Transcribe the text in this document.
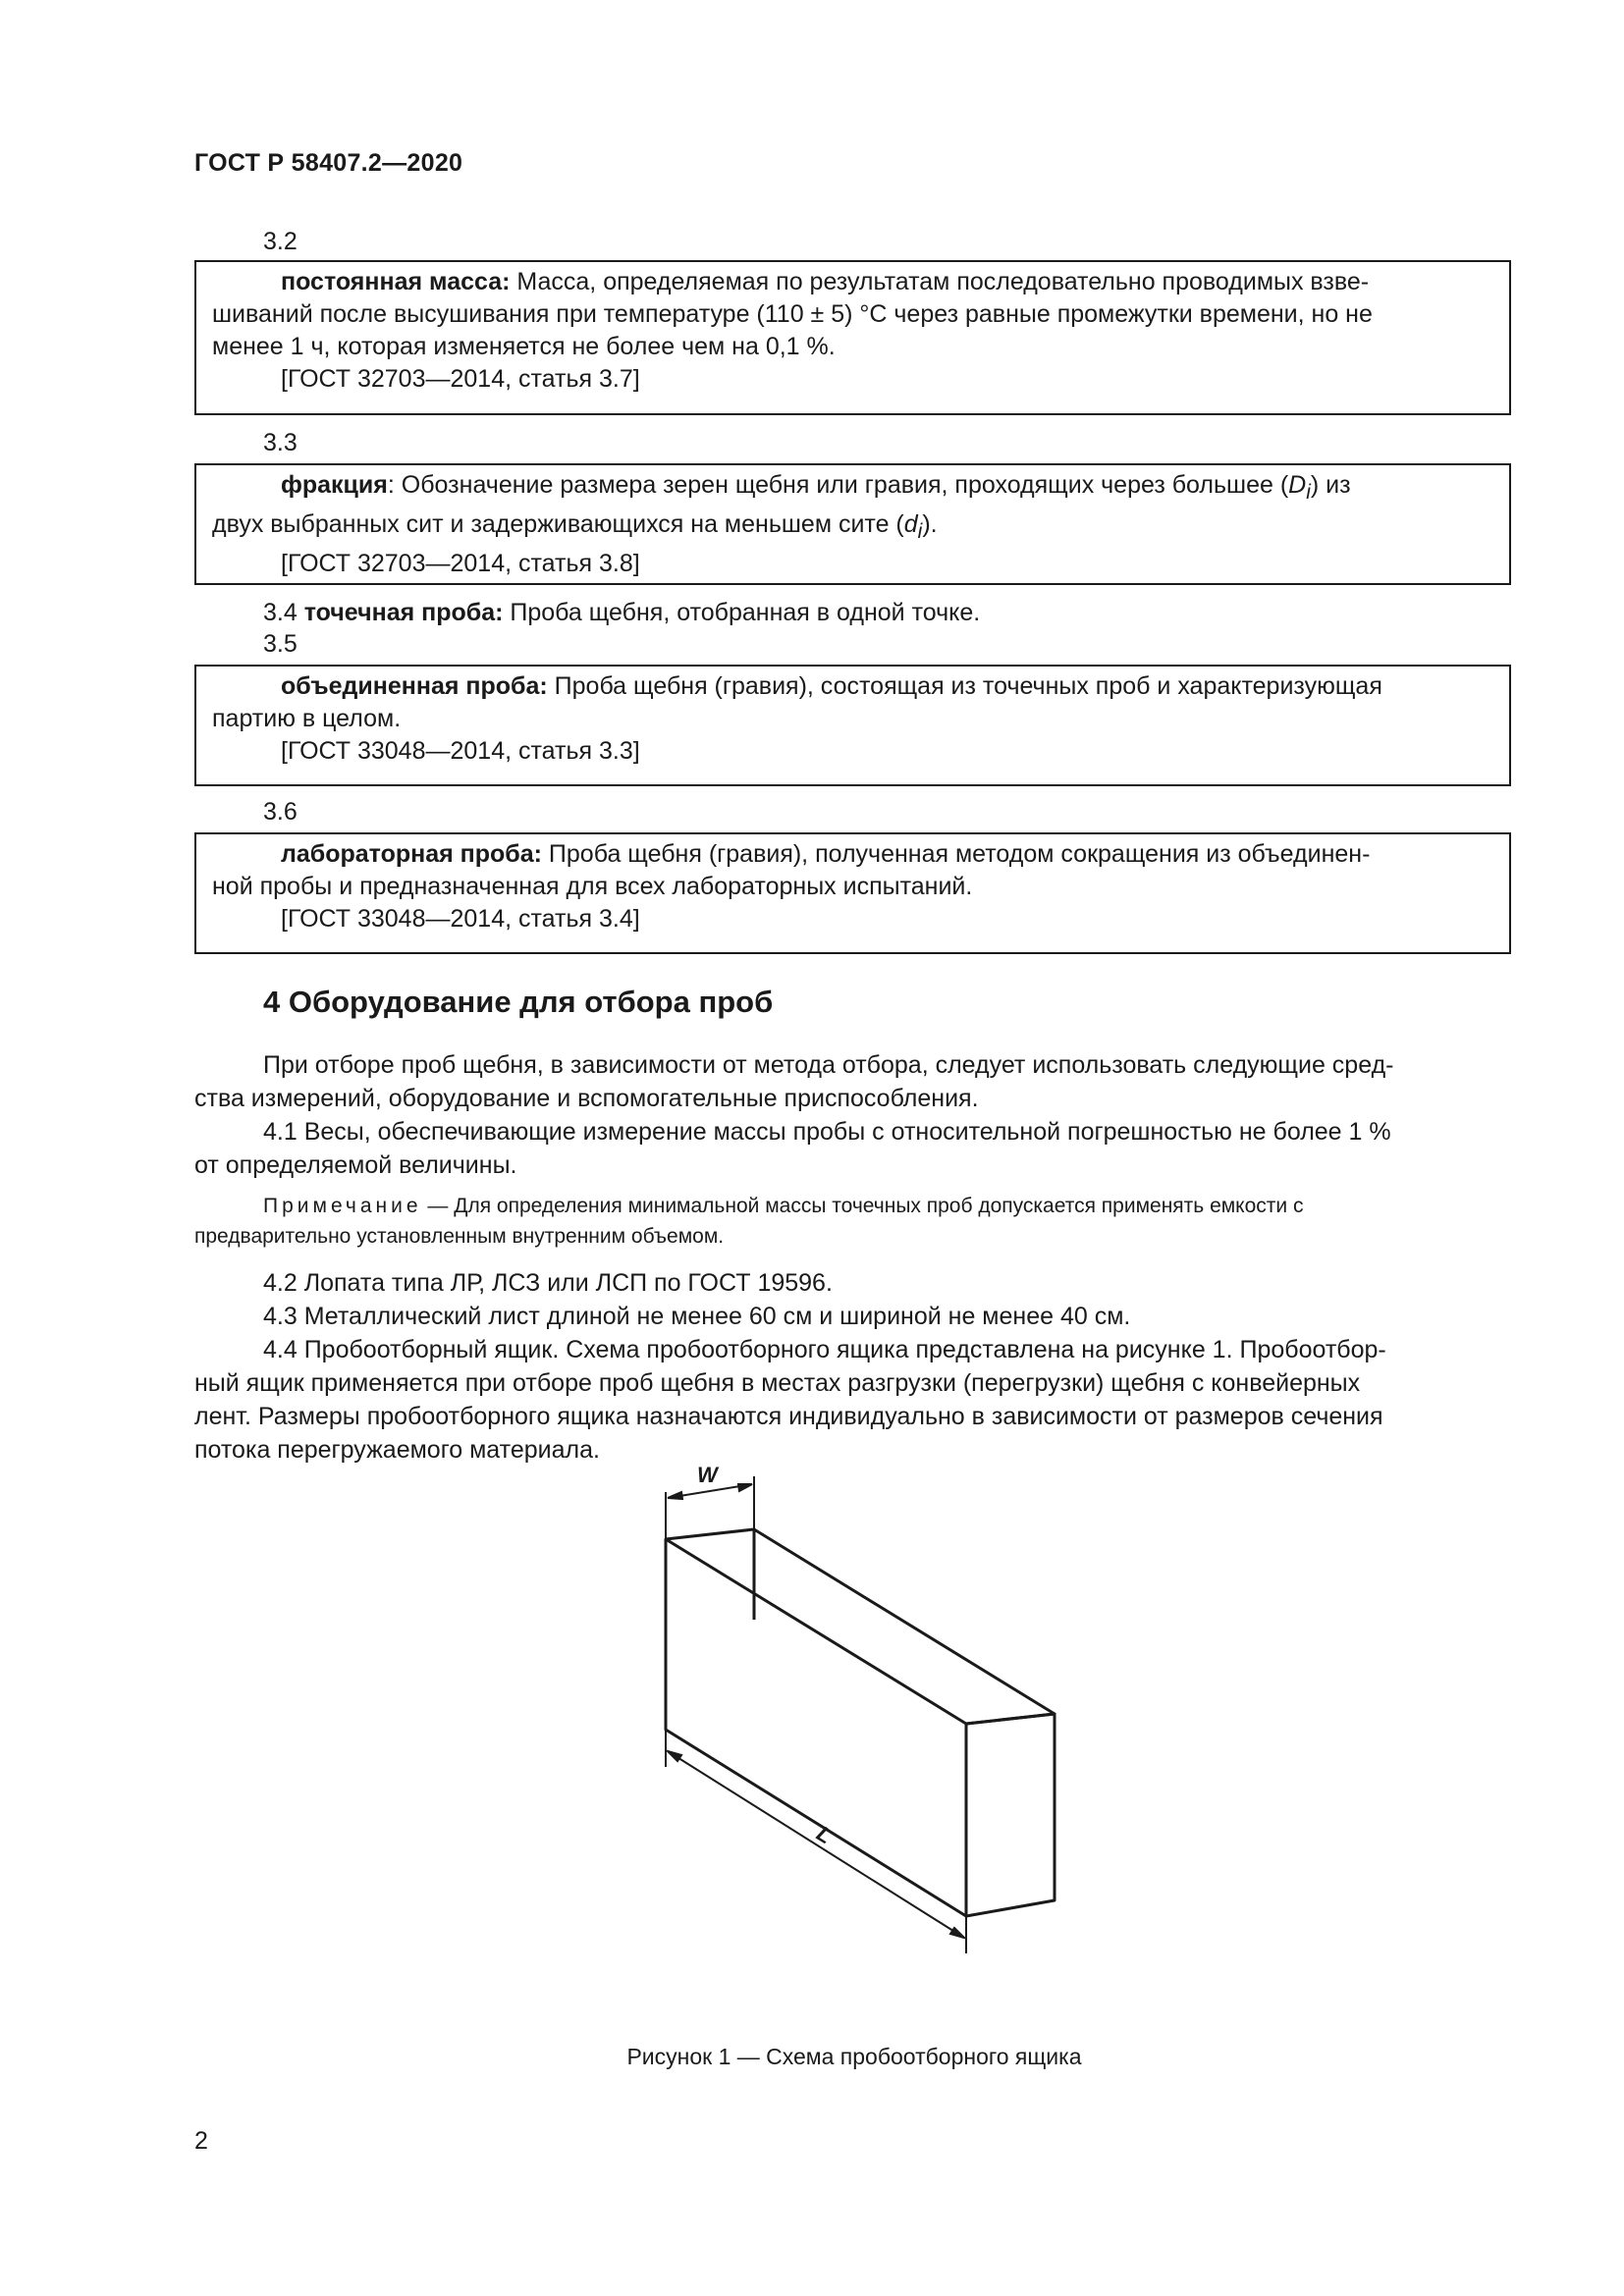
ГОСТ Р 58407.2—2020
3.2
постоянная масса: Масса, определяемая по результатам последовательно проводимых взве-
шиваний после высушивания при температуре (110 ± 5) °С через равные промежутки времени, но не
менее 1 ч, которая изменяется не более чем на 0,1 %.
[ГОСТ 32703—2014, статья 3.7]
3.3
фракция: Обозначение размера зерен щебня или гравия, проходящих через большее $(D_i)$ из
двух выбранных сит и задерживающихся на меньшем сите $(d_i)$.
[ГОСТ 32703—2014, статья 3.8]
3.4 точечная проба: Проба щебня, отобранная в одной точке.
3.5
объединенная проба: Проба щебня (гравия), состоящая из точечных проб и характеризующая
партию в целом.
[ГОСТ 33048—2014, статья 3.3]
3.6
лабораторная проба: Проба щебня (гравия), полученная методом сокращения из объединен-
ной пробы и предназначенная для всех лабораторных испытаний.
[ГОСТ 33048—2014, статья 3.4]
4 Оборудование для отбора проб
При отборе проб щебня, в зависимости от метода отбора, следует использовать следующие сред-
ства измерений, оборудование и вспомогательные приспособления.
4.1 Весы, обеспечивающие измерение массы пробы с относительной погрешностью не более 1 %
от определяемой величины.
Примечание — Для определения минимальной массы точечных проб допускается применять емкости с
предварительно установленным внутренним объемом.
4.2 Лопата типа ЛР, ЛСЗ или ЛСП по ГОСТ 19596.
4.3 Металлический лист длиной не менее 60 см и шириной не менее 40 см.
4.4 Пробоотборный ящик. Схема пробоотборного ящика представлена на рисунке 1. Пробоотбор-
ный ящик применяется при отборе проб щебня в местах разгрузки (перегрузки) щебня с конвейерных
лент. Размеры пробоотборного ящика назначаются индивидуально в зависимости от размеров сечения
потока перегружаемого материала.
W
L
Рисунок 1 — Схема пробоотборного ящика
2
